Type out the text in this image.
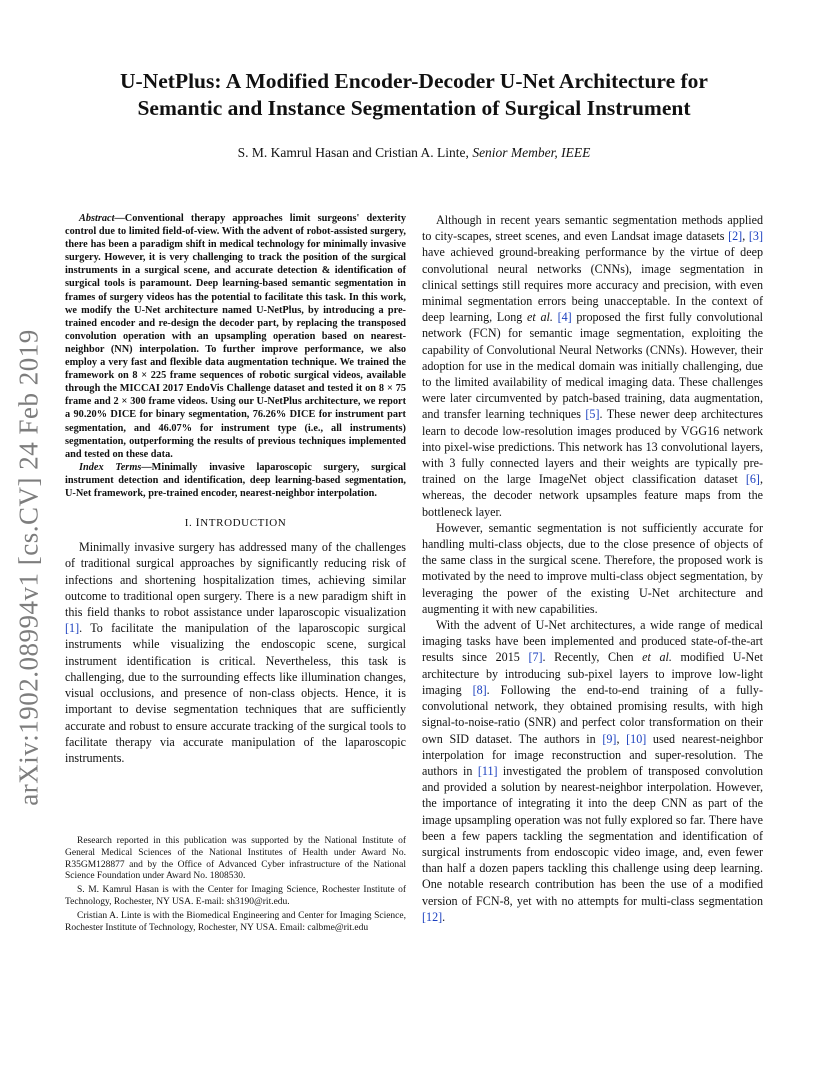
arXiv:1902.08994v1 [cs.CV] 24 Feb 2019
U-NetPlus: A Modified Encoder-Decoder U-Net Architecture for
Semantic and Instance Segmentation of Surgical Instrument
S. M. Kamrul Hasan and Cristian A. Linte, Senior Member, IEEE

Abstract—Conventional therapy approaches limit surgeons' dexterity control due to limited field-of-view. With the advent of robot-assisted surgery, there has been a paradigm shift in medical technology for minimally invasive surgery. However, it is very challenging to track the position of the surgical instruments in a surgical scene, and accurate detection & identification of surgical tools is paramount. Deep learning-based semantic segmentation in frames of surgery videos has the potential to facilitate this task. In this work, we modify the U-Net architecture named U-NetPlus, by introducing a pre-trained encoder and re-design the decoder part, by replacing the transposed convolution operation with an upsampling operation based on nearest-neighbor (NN) interpolation. To further improve performance, we also employ a very fast and flexible data augmentation technique. We trained the framework on 8 × 225 frame sequences of robotic surgical videos, available through the MICCAI 2017 EndoVis Challenge dataset and tested it on 8 × 75 frame and 2 × 300 frame videos. Using our U-NetPlus architecture, we report a 90.20% DICE for binary segmentation, 76.26% DICE for instrument part segmentation, and 46.07% for instrument type (i.e., all instruments) segmentation, outperforming the results of previous techniques implemented and tested on these data.

Index Terms—Minimally invasive laparoscopic surgery, surgical instrument detection and identification, deep learning-based segmentation, U-Net framework, pre-trained encoder, nearest-neighbor interpolation.

I. INTRODUCTION

Minimally invasive surgery has addressed many of the challenges of traditional surgical approaches by significantly reducing risk of infections and shortening hospitalization times, achieving similar outcome to traditional open surgery. There is a new paradigm shift in this field thanks to robot assistance under laparoscopic visualization [1]. To facilitate the manipulation of the laparoscopic surgical instruments while visualizing the endoscopic scene, surgical instrument identification is critical. Nevertheless, this task is challenging, due to the surrounding effects like illumination changes, visual occlusions, and presence of non-class objects. Hence, it is important to devise segmentation techniques that are sufficiently accurate and robust to ensure accurate tracking of the surgical tools to facilitate therapy via accurate manipulation of the laparoscopic instruments.

Research reported in this publication was supported by the National Institute of General Medical Sciences of the National Institutes of Health under Award No. R35GM128877 and by the Office of Advanced Cyber infrastructure of the National Science Foundation under Award No. 1808530.

S. M. Kamrul Hasan is with the Center for Imaging Science, Rochester Institute of Technology, Rochester, NY USA. E-mail: sh3190@rit.edu.

Cristian A. Linte is with the Biomedical Engineering and Center for Imaging Science, Rochester Institute of Technology, Rochester, NY USA. Email: calbme@rit.edu

Although in recent years semantic segmentation methods applied to city-scapes, street scenes, and even Landsat image datasets [2], [3] have achieved ground-breaking performance by the virtue of deep convolutional neural networks (CNNs), image segmentation in clinical settings still requires more accuracy and precision, with even minimal segmentation errors being unacceptable. In the context of deep learning, Long et al. [4] proposed the first fully convolutional network (FCN) for semantic image segmentation, exploiting the capability of Convolutional Neural Networks (CNNs). However, their adoption for use in the medical domain was initially challenging, due to the limited availability of medical imaging data. These challenges were later circumvented by patch-based training, data augmentation, and transfer learning techniques [5]. These newer deep architectures learn to decode low-resolution images produced by VGG16 network into pixel-wise predictions. This network has 13 convolutional layers, with 3 fully connected layers and their weights are typically pre-trained on the large ImageNet object classification dataset [6], whereas, the decoder network upsamples feature maps from the bottleneck layer.

However, semantic segmentation is not sufficiently accurate for handling multi-class objects, due to the close presence of objects of the same class in the surgical scene. Therefore, the proposed work is motivated by the need to improve multi-class object segmentation, by leveraging the power of the existing U-Net architecture and augmenting it with new capabilities.

With the advent of U-Net architectures, a wide range of medical imaging tasks have been implemented and produced state-of-the-art results since 2015 [7]. Recently, Chen et al. modified U-Net architecture by introducing sub-pixel layers to improve low-light imaging [8]. Following the end-to-end training of a fully-convolutional network, they obtained promising results, with high signal-to-noise-ratio (SNR) and perfect color transformation on their own SID dataset. The authors in [9], [10] used nearest-neighbor interpolation for image reconstruction and super-resolution. The authors in [11] investigated the problem of transposed convolution and provided a solution by nearest-neighbor interpolation. However, the importance of integrating it into the deep CNN as part of the image upsampling operation was not fully explored so far. There have been a few papers tackling the segmentation and identification of surgical instruments from endoscopic video image, and, even fewer than half a dozen papers tackling this challenge using deep learning. One notable research contribution has been the use of a modified version of FCN-8, yet with no attempts for multi-class segmentation [12].
